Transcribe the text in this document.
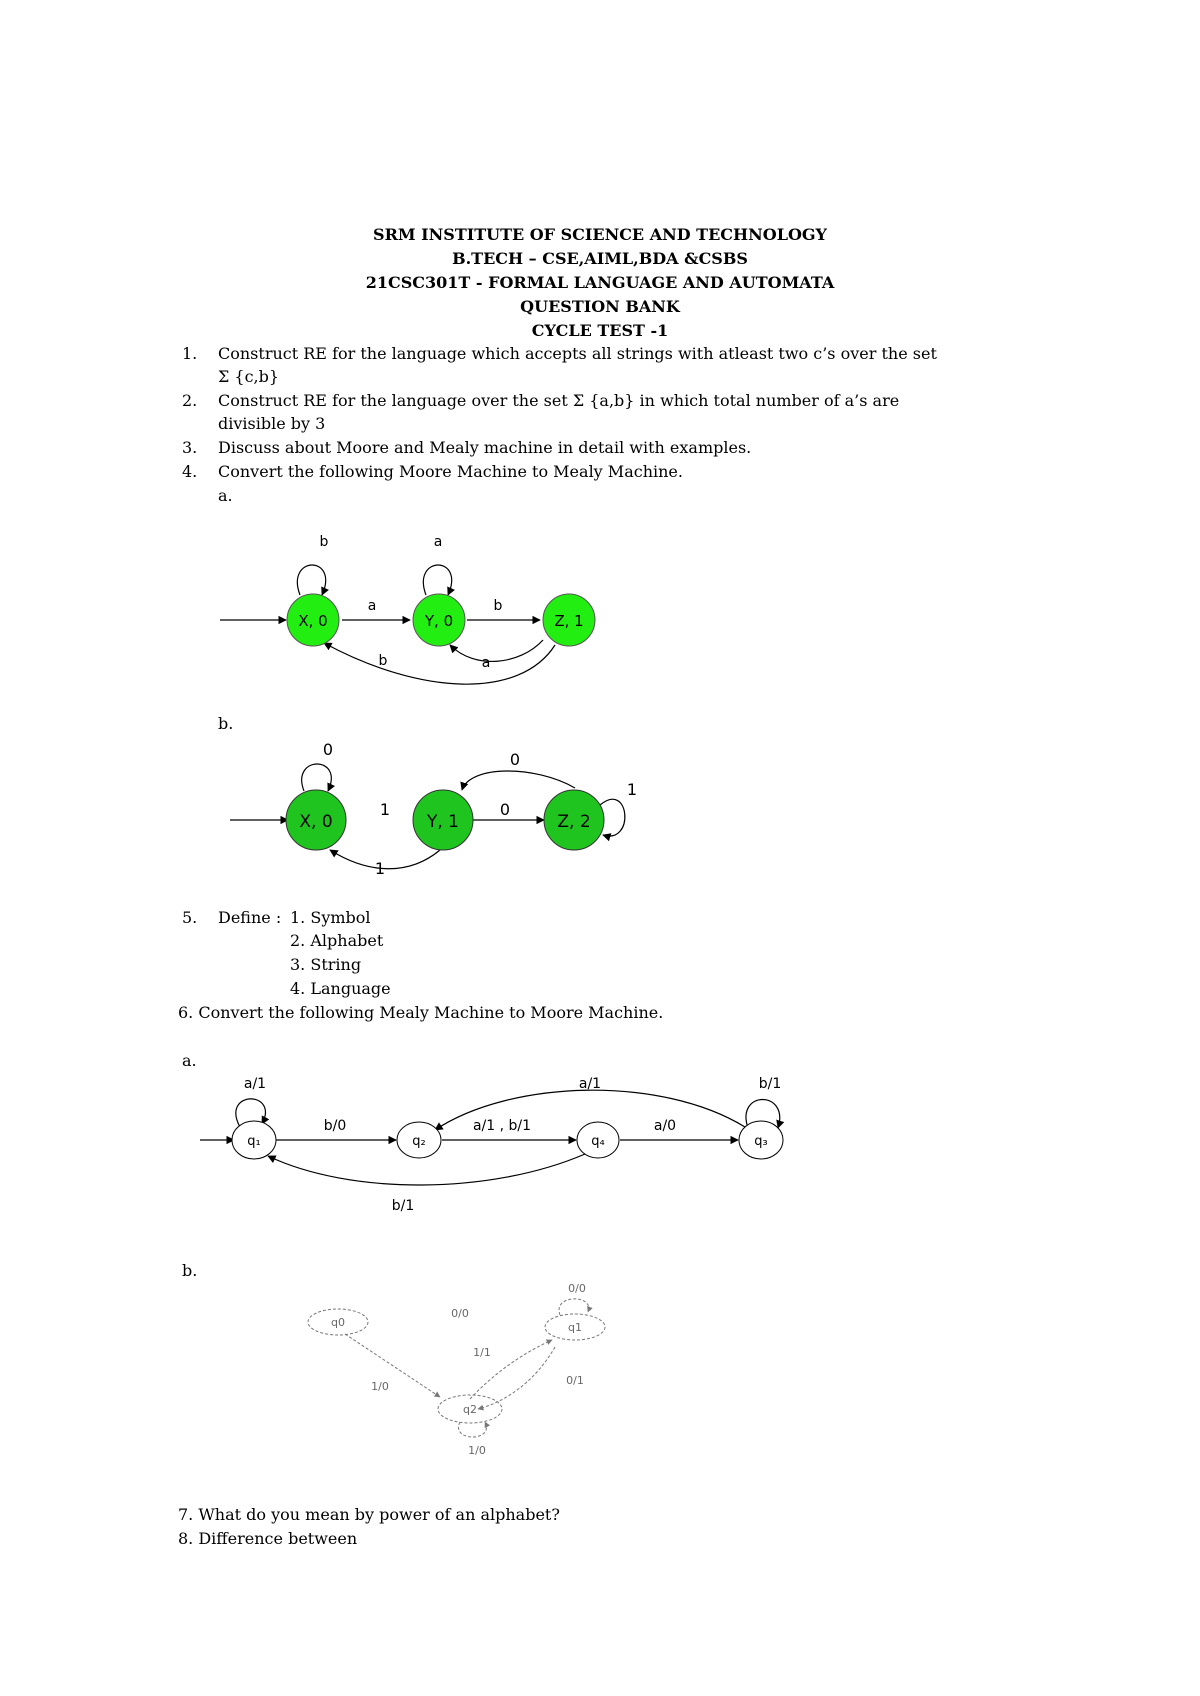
SRM INSTITUTE OF SCIENCE AND TECHNOLOGY
B.TECH – CSE,AIML,BDA &CSBS
21CSC301T - FORMAL LANGUAGE AND AUTOMATA
QUESTION BANK
CYCLE TEST -1
1. Construct RE for the language which accepts all strings with atleast two c’s over the set
Σ {c,b}
2. Construct RE for the language over the set Σ {a,b} in which total number of a’s are
divisible by 3
3. Discuss about Moore and Mealy machine in detail with examples.
4. Convert the following Moore Machine to Mealy Machine.
a.
X, 0	Y, 0	Z, 1
b	a
a	b
a
b
b.
X, 0	Y, 1	Z, 2
0
1	0
0
1
1
5. Define : 1. Symbol
2. Alphabet
3. String
4. Language
6. Convert the following Mealy Machine to Moore Machine.
a.
q₁	q₂	q₄	q₃
a/1
b/0	a/1 , b/1	a/0
a/1	b/1
b/1
b.
q0	q1
q2
0/0
0/0
1/1
1/0	0/1
1/0
7. What do you mean by power of an alphabet?
8. Difference between
